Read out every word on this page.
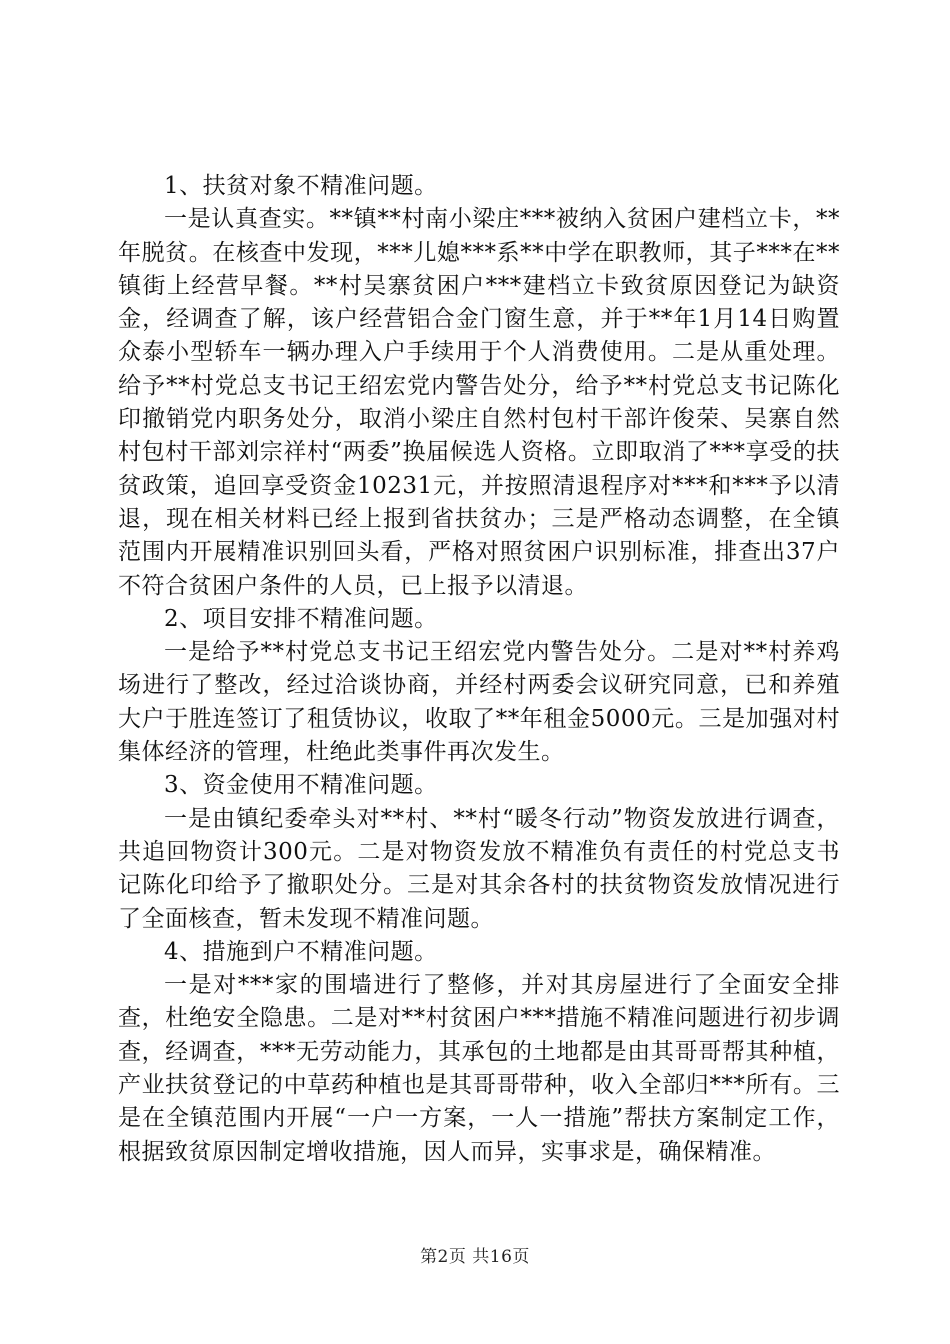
1、扶贫对象不精准问题。

一是认真查实。**镇**村南小梁庄***被纳入贫困户建档立卡，**年脱贫。在核查中发现，***儿媳***系**中学在职教师，其子***在**镇街上经营早餐。**村吴寨贫困户***建档立卡致贫原因登记为缺资金，经调查了解，该户经营铝合金门窗生意，并于**年1月14日购置众泰小型轿车一辆办理入户手续用于个人消费使用。二是从重处理。给予**村党总支书记王绍宏党内警告处分，给予**村党总支书记陈化印撤销党内职务处分，取消小梁庄自然村包村干部许俊荣、吴寨自然村包村干部刘宗祥村“两委”换届候选人资格。立即取消了***享受的扶贫政策，追回享受资金10231元，并按照清退程序对***和***予以清退，现在相关材料已经上报到省扶贫办；三是严格动态调整，在全镇范围内开展精准识别回头看，严格对照贫困户识别标准，排查出37户不符合贫困户条件的人员，已上报予以清退。

2、项目安排不精准问题。

一是给予**村党总支书记王绍宏党内警告处分。二是对**村养鸡场进行了整改，经过洽谈协商，并经村两委会议研究同意，已和养殖大户于胜连签订了租赁协议，收取了**年租金5000元。三是加强对村集体经济的管理，杜绝此类事件再次发生。

3、资金使用不精准问题。

一是由镇纪委牵头对**村、**村“暖冬行动”物资发放进行调查，共追回物资计300元。二是对物资发放不精准负有责任的村党总支书记陈化印给予了撤职处分。三是对其余各村的扶贫物资发放情况进行了全面核查，暂未发现不精准问题。

4、措施到户不精准问题。

一是对***家的围墙进行了整修，并对其房屋进行了全面安全排查，杜绝安全隐患。二是对**村贫困户***措施不精准问题进行初步调查，经调查，***无劳动能力，其承包的土地都是由其哥哥帮其种植，产业扶贫登记的中草药种植也是其哥哥带种，收入全部归***所有。三是在全镇范围内开展“一户一方案，一人一措施”帮扶方案制定工作，根据致贫原因制定增收措施，因人而异，实事求是，确保精准。

第2页 共16页
